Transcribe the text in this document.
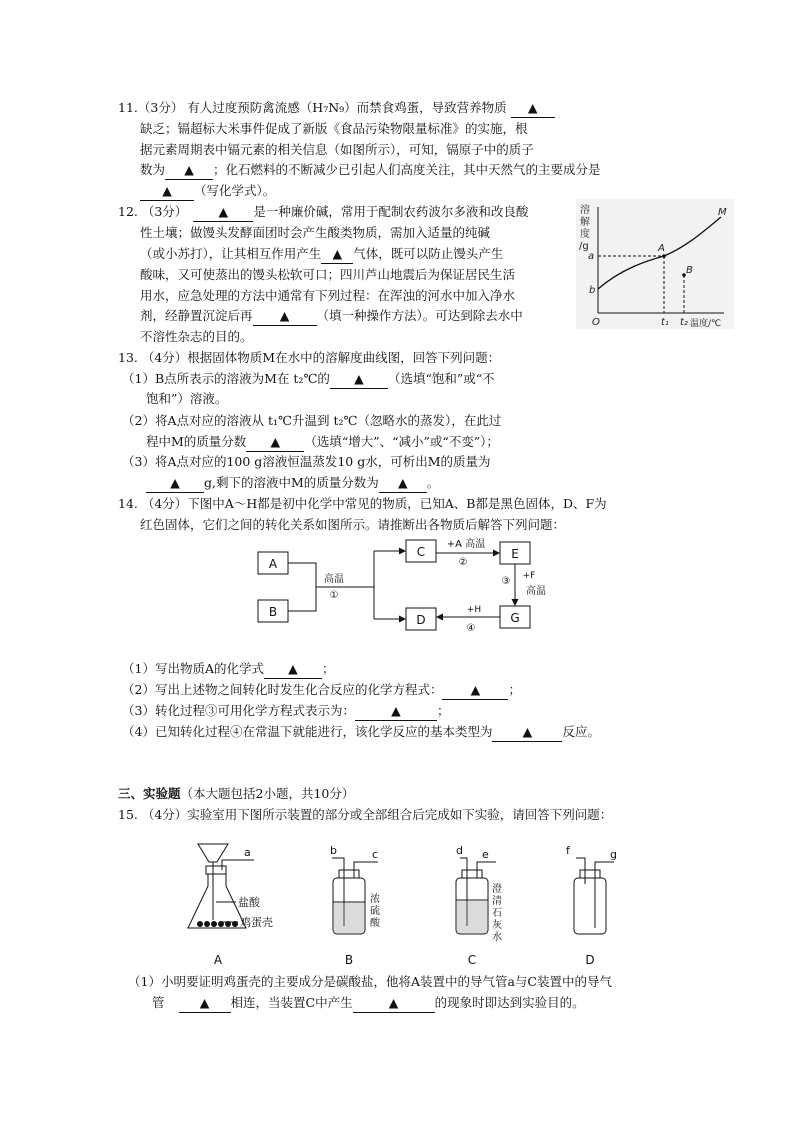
11.（3分） 有人过度预防禽流感（H₇N₉）而禁食鸡蛋，导致营养物质 ▲
缺乏；镉超标大米事件促成了新版《食品污染物限量标准》的实施，根
据元素周期表中镉元素的相关信息（如图所示），可知，镉原子中的质子
数为 ▲ ；化石燃料的不断减少已引起人们高度关注，其中天然气的主要成分是
▲ （写化学式）。
12. （3分） ▲ 是一种廉价碱，常用于配制农药波尔多液和改良酸
性土壤；做馒头发酵面团时会产生酸类物质，需加入适量的纯碱
（或小苏打），让其相互作用产生 ▲ 气体，既可以防止馒头产生
酸味，又可使蒸出的馒头松软可口；四川芦山地震后为保证居民生活
用水，应急处理的方法中通常有下列过程：在浑浊的河水中加入净水
剂，经静置沉淀后再 ▲ （填一种操作方法）。可达到除去水中
不溶性杂志的目的。
溶
解
度
/g
M
A
B
a
b
O	t₁ t₂ 温度/℃
13. （4分）根据固体物质M在水中的溶解度曲线图，回答下列问题：
（1）B点所表示的溶液为M在 t₂℃的 ▲ （选填“饱和”或“不
饱和”）溶液。
（2）将A点对应的溶液从 t₁℃升温到 t₂℃（忽略水的蒸发），在此过
程中M的质量分数 ▲ （选填“增大”、“减小”或“不变”）；
（3）将A点对应的100 g溶液恒温蒸发10 g水，可析出M的质量为
▲ g,剩下的溶液中M的质量分数为 ▲ 。
14. （4分）下图中A～H都是初中化学中常见的物质，已知A、B都是黑色固体，D、F为
红色固体，它们之间的转化关系如图所示。请推断出各物质后解答下列问题：
A
B
C
D
E
G
高温
①
+A 高温
②
③ +F
高温
+H
④
（1）写出物质A的化学式 ▲ ；
（2）写出上述物之间转化时发生化合反应的化学方程式： ▲ ；
（3）转化过程③可用化学方程式表示为：	▲	；
（4）已知转化过程④在常温下就能进行，该化学反应的基本类型为 ▲ 反应。
三、实验题（本大题包括2小题，共10分）
15. （4分）实验室用下图所示装置的部分或全部组合后完成如下实验，请回答下列问题：
a
盐酸
鸡蛋壳
b	c	d e	f	g
浓
硫
酸
澄
清
石
灰
水
A	B	C	D
（1）小明要证明鸡蛋壳的主要成分是碳酸盐，他将A装置中的导气管a与C装置中的导气
管	▲ 相连，当装置C中产生	▲	的现象时即达到实验目的。
